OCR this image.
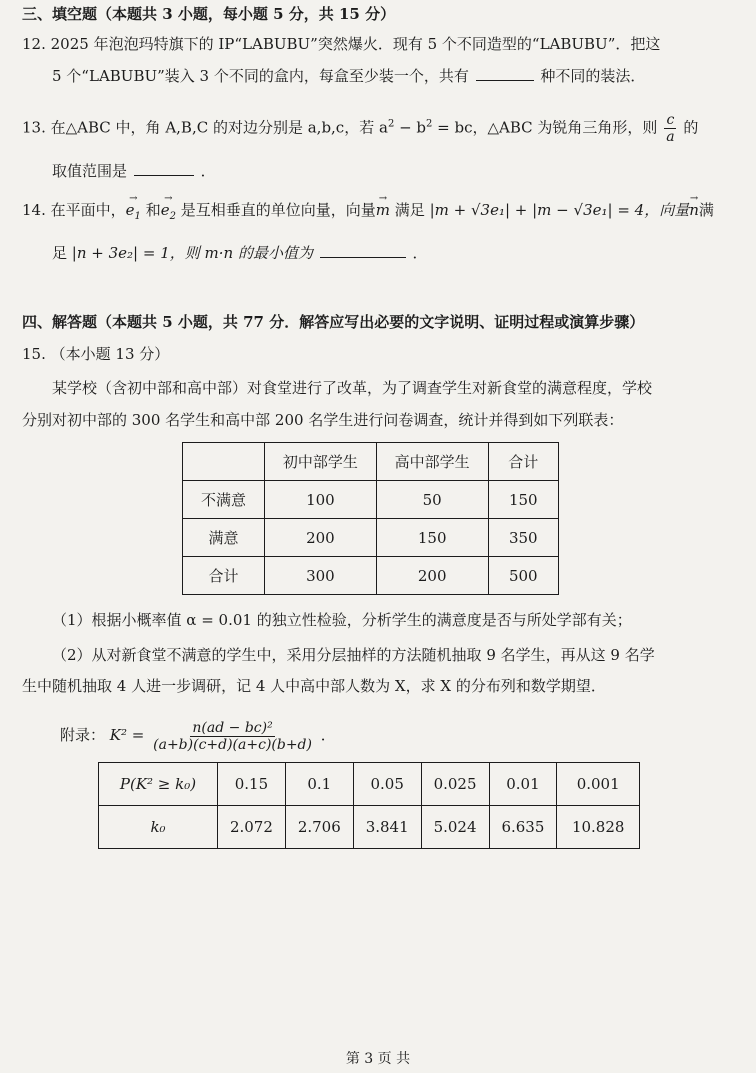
三、填空题（本题共 3 小题，每小题 5 分，共 15 分）
12. 2025 年泡泡玛特旗下的 IP“LABUBU”突然爆火．现有 5 个不同造型的“LABUBU”．把这
5 个“LABUBU”装入 3 个不同的盒内，每盒至少装一个，共有	种不同的装法．
13. 在△ABC 中，角 A,B,C 的对边分别是 a,b,c，若 $a^2 - b^2$ = bc，△ABC 为锐角三角形，则 $\frac{c}{a}$ 的
取值范围是	．
14. 在平面中，→ $e_1$ 和→ $e_2$ 是互相垂直的单位向量，向量→ m 满足 |m + √3e₁| + |m − √3e₁| = 4，向量→ n满
足 |n + 3e₂| = 1，则 m·n 的最小值为	．
四、解答题（本题共 5 小题，共 77 分．解答应写出必要的文字说明、证明过程或演算步骤）
15. （本小题 13 分）
某学校（含初中部和高中部）对食堂进行了改革，为了调查学生对新食堂的满意程度，学校
分别对初中部的 300 名学生和高中部 200 名学生进行问卷调查，统计并得到如下列联表：
	初中部学生	高中部学生	合计
不满意	100	50	150
满意	200	150	350
合计	300	200	500
（1）根据小概率值 α = 0.01 的独立性检验，分析学生的满意度是否与所处学部有关；
（2）从对新食堂不满意的学生中，采用分层抽样的方法随机抽取 9 名学生，再从这 9 名学
生中随机抽取 4 人进一步调研，记 4 人中高中部人数为 X，求 X 的分布列和数学期望．
附录： $K^2 = \frac{\text{n(ad − bc)²}}{(a+b)(c+d)(a+c)(b+d)}$ ．
P(K² ≥ k₀)	0.15	0.1	0.05	0.025	0.01	0.001
k₀	2.072	2.706	3.841	5.024	6.635	10.828
第 3 页 共
